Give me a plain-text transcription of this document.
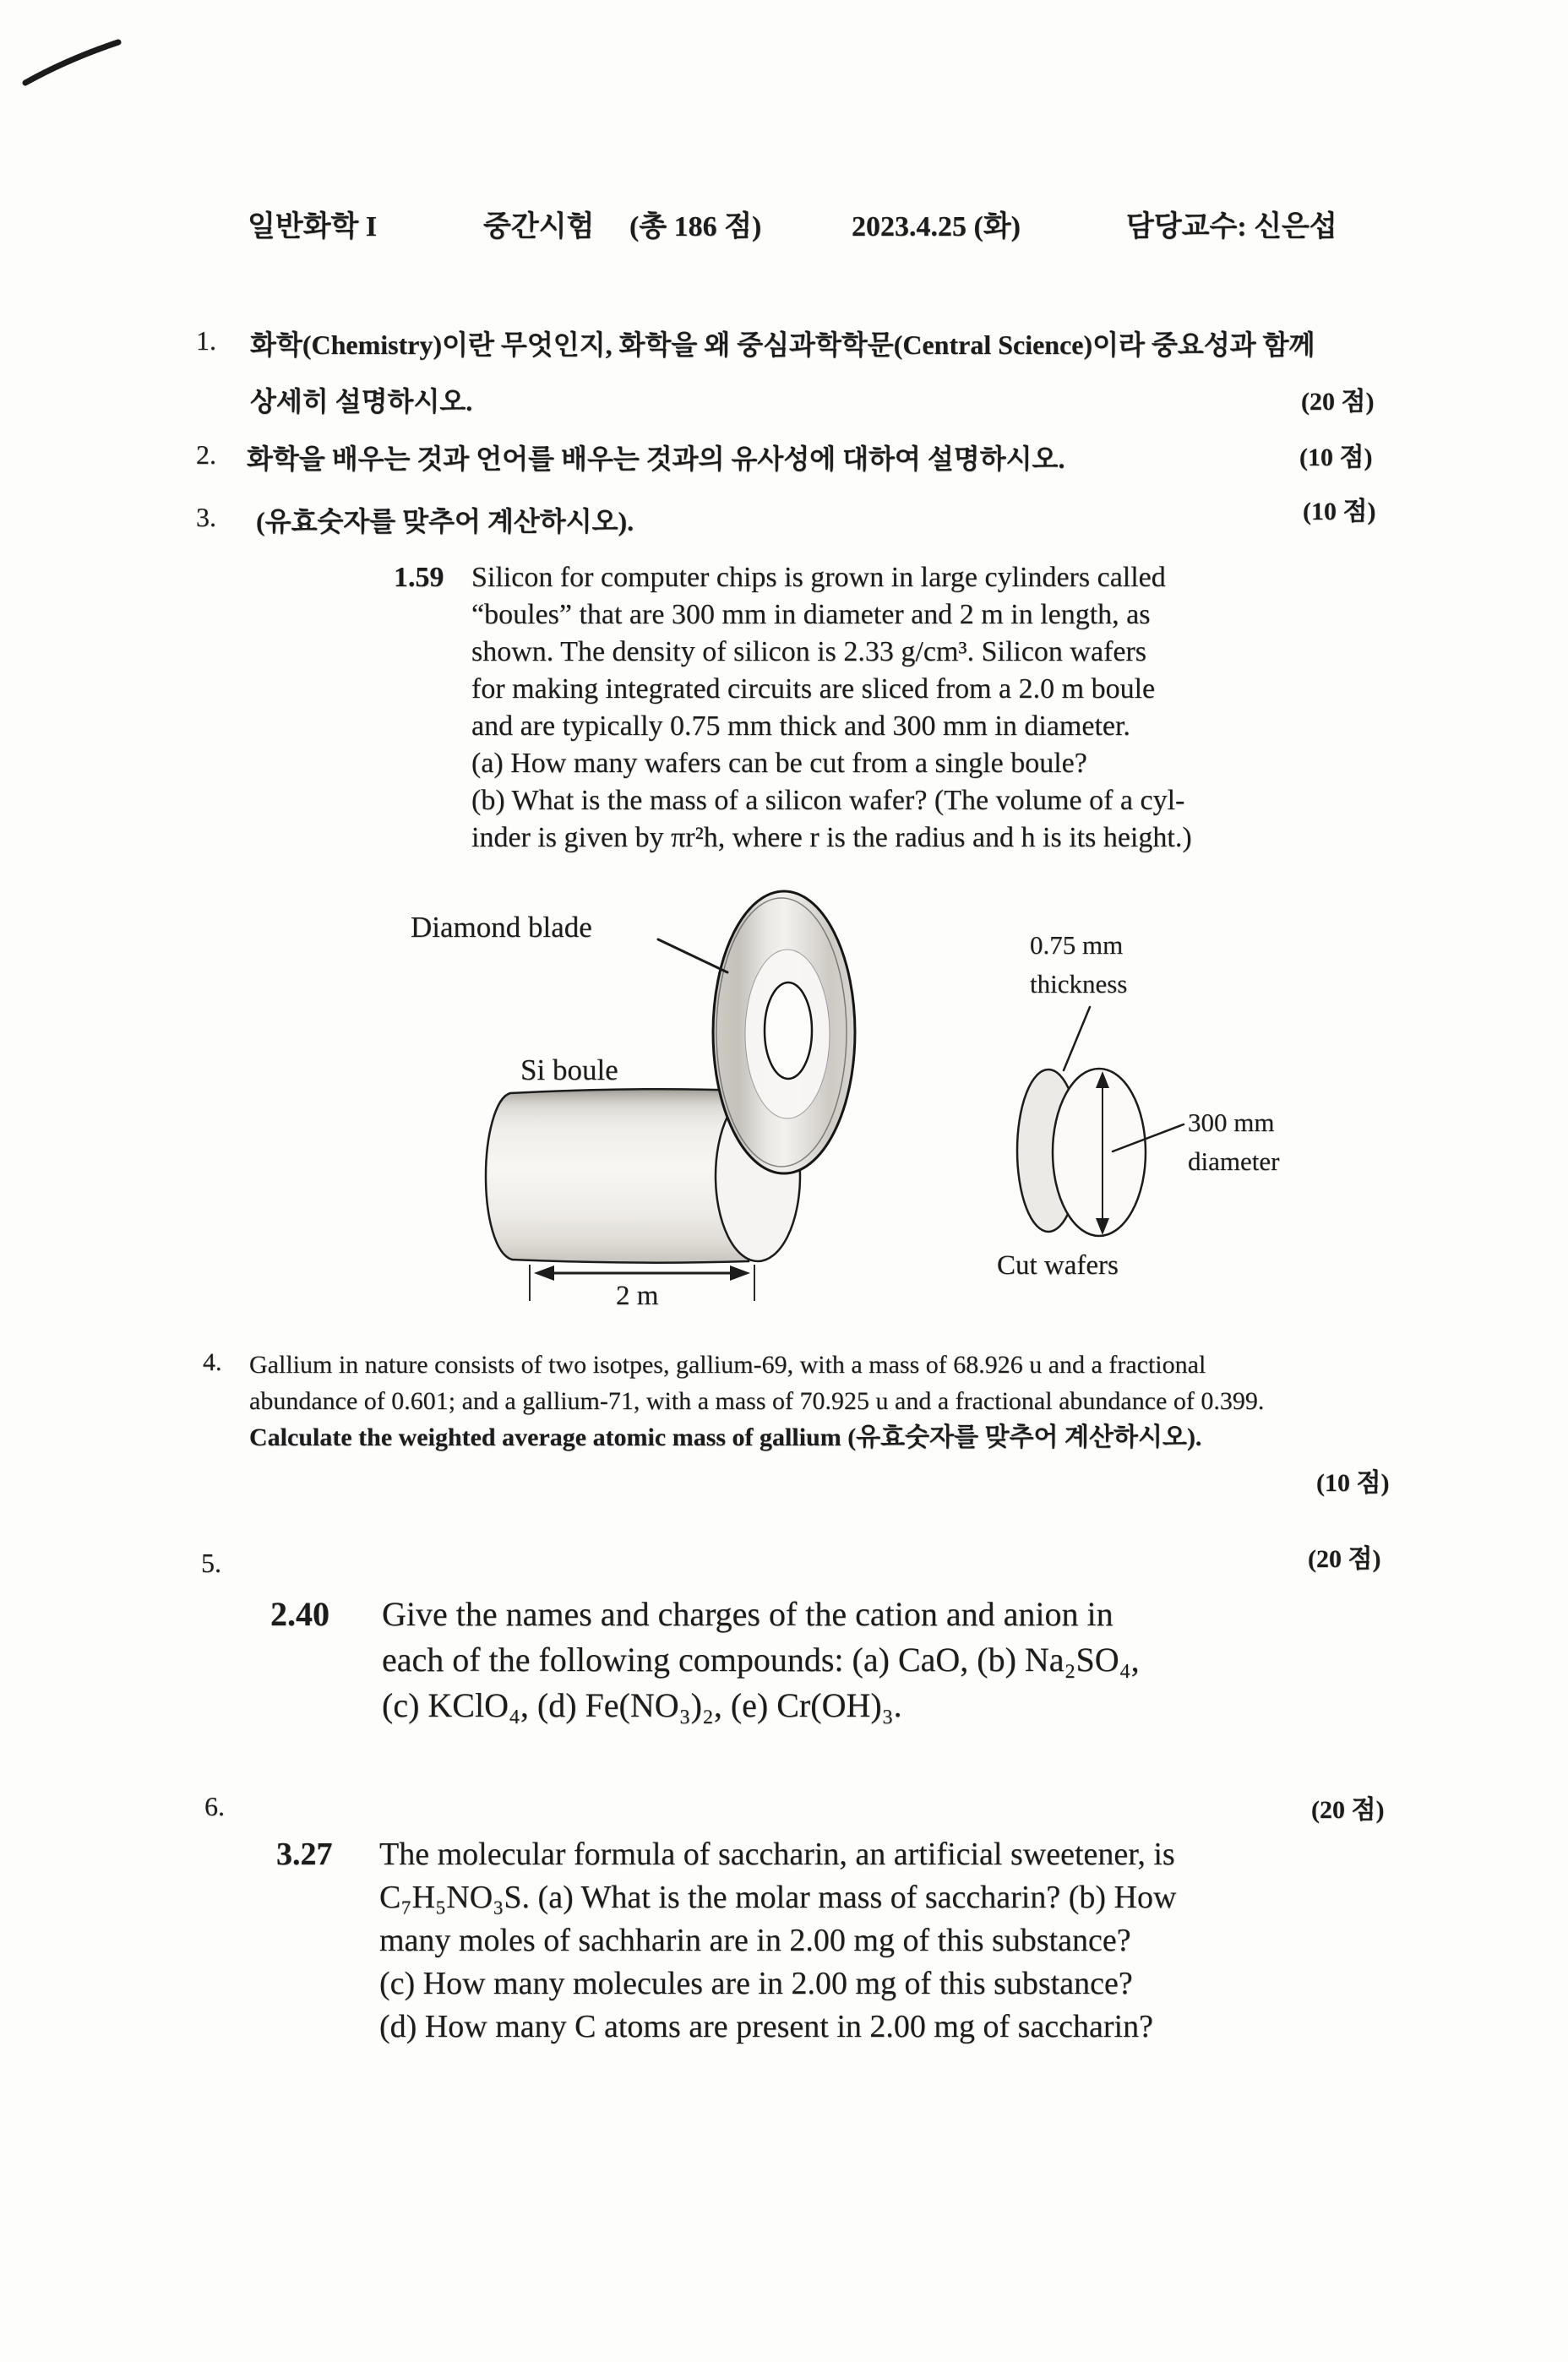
일반화학 I	중간시험 (총 186 점)	2023.4.25 (화)	담당교수: 신은섭
1. 화학(Chemistry)이란 무엇인지, 화학을 왜 중심과학학문(Central Science)이라 중요성과 함께
상세히 설명하시오.	(20 점)
2. 화학을 배우는 것과 언어를 배우는 것과의 유사성에 대하여 설명하시오.	(10 점)
3. (유효숫자를 맞추어 계산하시오).	(10 점)
1.59 Silicon for computer chips is grown in large cylinders called
“boules” that are 300 mm in diameter and 2 m in length, as
shown. The density of silicon is 2.33 g/cm³. Silicon wafers
for making integrated circuits are sliced from a 2.0 m boule
and are typically 0.75 mm thick and 300 mm in diameter.
(a) How many wafers can be cut from a single boule?
(b) What is the mass of a silicon wafer? (The volume of a cyl-
inder is given by πr²h, where r is the radius and h is its height.)
Diamond blade
Si boule
2 m
0.75 mm
thickness
300 mm
diameter
Cut wafers
4. Gallium in nature consists of two isotpes, gallium-69, with a mass of 68.926 u and a fractional
abundance of 0.601; and a gallium-71, with a mass of 70.925 u and a fractional abundance of 0.399.
Calculate the weighted average atomic mass of gallium (유효숫자를 맞추어 계산하시오).
(10 점)
5.	(20 점)
2.40 Give the names and charges of the cation and anion in
each of the following compounds: (a) CaO, (b) Na₂SO₄,
(c) KClO₄, (d) Fe(NO₃)₂, (e) Cr(OH)₃.
6.	(20 점)
3.27 The molecular formula of saccharin, an artificial sweetener, is
C₇H₅NO₃S. (a) What is the molar mass of saccharin? (b) How
many moles of sachharin are in 2.00 mg of this substance?
(c) How many molecules are in 2.00 mg of this substance?
(d) How many C atoms are present in 2.00 mg of saccharin?
